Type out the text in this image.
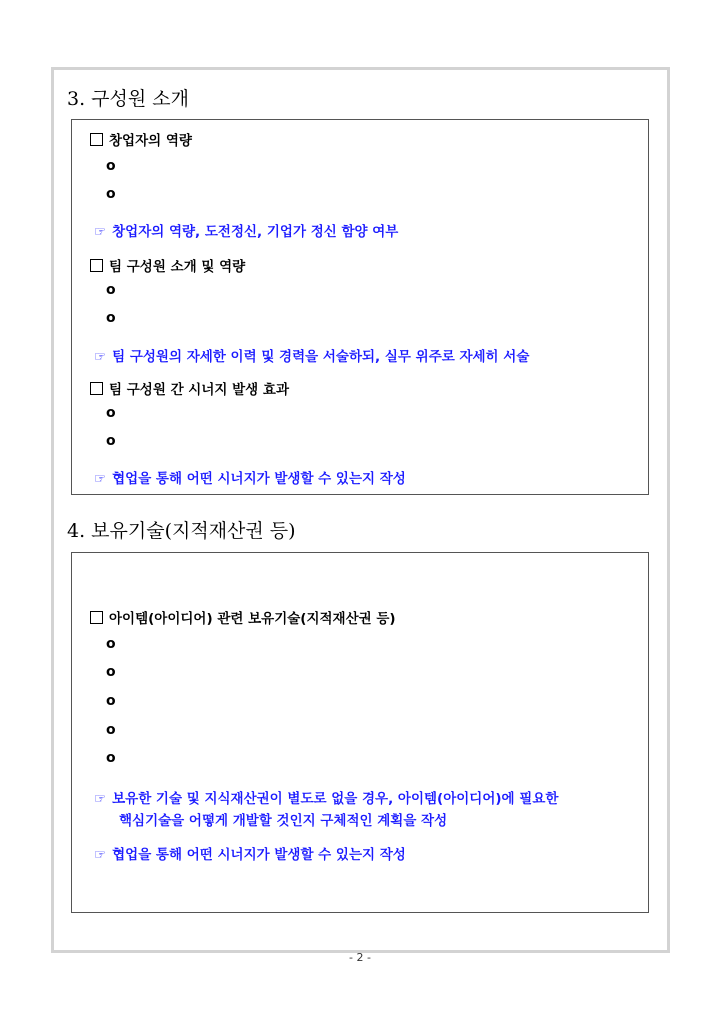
3. 구성원 소개
창업자의 역량
o
o
☞ 창업자의 역량, 도전정신, 기업가 정신 함양 여부
팀 구성원 소개 및 역량
o
o
☞ 팀 구성원의 자세한 이력 및 경력을 서술하되, 실무 위주로 자세히 서술
팀 구성원 간 시너지 발생 효과
o
o
☞ 협업을 통해 어떤 시너지가 발생할 수 있는지 작성
4. 보유기술(지적재산권 등)
아이템(아이디어) 관련 보유기술(지적재산권 등)
o
o
o
o
o
☞ 보유한 기술 및 지식재산권이 별도로 없을 경우, 아이템(아이디어)에 필요한
핵심기술을 어떻게 개발할 것인지 구체적인 계획을 작성
☞ 협업을 통해 어떤 시너지가 발생할 수 있는지 작성
- 2 -
